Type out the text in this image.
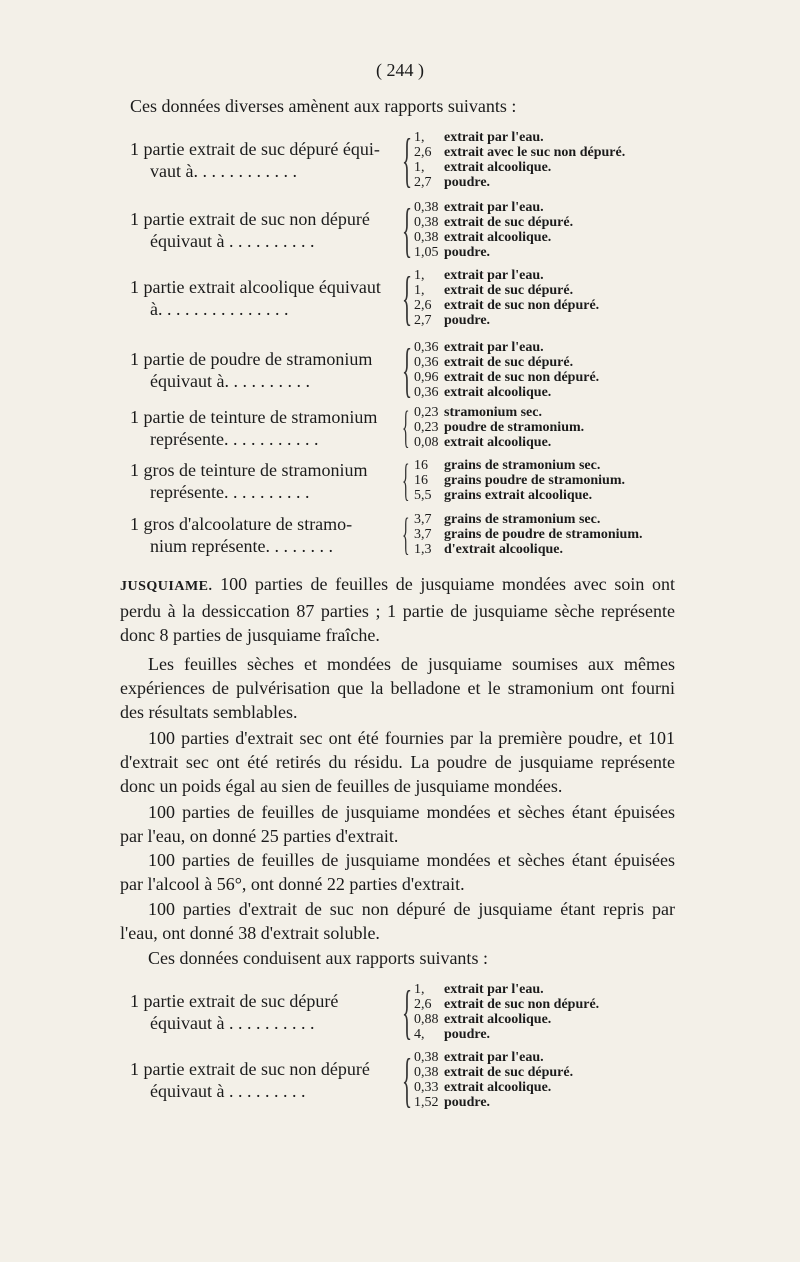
( 244 )
Ces données diverses amènent aux rapports suivants :
1 partie extrait de suc dépuré équi-
vaut à. . . . . . . . . . . .	{ 1,	extrait par l'eau.
2,6 extrait avec le suc non dépuré.
1,	extrait alcoolique.
2,7 poudre.
1 partie extrait de suc non dépuré
équivaut à . . . . . . . . . .	{ 0,38 extrait par l'eau.
0,38 extrait de suc dépuré.
0,38 extrait alcoolique.
1,05 poudre.
1 partie extrait alcoolique équivaut
à. . . . . . . . . . . . . . .	{ 1,	extrait par l'eau.
1,	extrait de suc dépuré.
2,6 extrait de suc non dépuré.
2,7 poudre.
1 partie de poudre de stramonium
équivaut à. . . . . . . . . .	{ 0,36 extrait par l'eau.
0,36 extrait de suc dépuré.
0,96 extrait de suc non dépuré.
0,36 extrait alcoolique.
1 partie de teinture de stramonium
représente. . . . . . . . . . .	{ 0,23 stramonium sec.
0,23 poudre de stramonium.
0,08 extrait alcoolique.
1 gros de teinture de stramonium
représente. . . . . . . . . .	{ 16	grains de stramonium sec.
16	grains poudre de stramonium.
5,5 grains extrait alcoolique.
1 gros d'alcoolature de stramo-
nium représente. . . . . . . .	{ 3,7 grains de stramonium sec.
3,7 grains de poudre de stramonium.
1,3 d'extrait alcoolique.
JUSQUIAME. 100 parties de feuilles de jusquiame mondées avec soin ont perdu à la dessiccation 87 parties ; 1 partie de jusquiame sèche représente donc 8 parties de jusquiame fraîche.
Les feuilles sèches et mondées de jusquiame soumises aux mêmes expériences de pulvérisation que la belladone et le stramonium ont fourni des résultats semblables.
100 parties d'extrait sec ont été fournies par la première poudre, et 101 d'extrait sec ont été retirés du résidu. La poudre de jusquiame représente donc un poids égal au sien de feuilles de jusquiame mondées.
100 parties de feuilles de jusquiame mondées et sèches étant épuisées par l'eau, on donné 25 parties d'extrait.
100 parties de feuilles de jusquiame mondées et sèches étant épuisées par l'alcool à 56°, ont donné 22 parties d'extrait.
100 parties d'extrait de suc non dépuré de jusquiame étant repris par l'eau, ont donné 38 d'extrait soluble.
Ces données conduisent aux rapports suivants :
1 partie extrait de suc dépuré
équivaut à . . . . . . . . . .	{ 1,	extrait par l'eau.
2,6 extrait de suc non dépuré.
0,88 extrait alcoolique.
4,	poudre.
1 partie extrait de suc non dépuré
équivaut à . . . . . . . . .	{ 0,38 extrait par l'eau.
0,38 extrait de suc dépuré.
0,33 extrait alcoolique.
1,52 poudre.
